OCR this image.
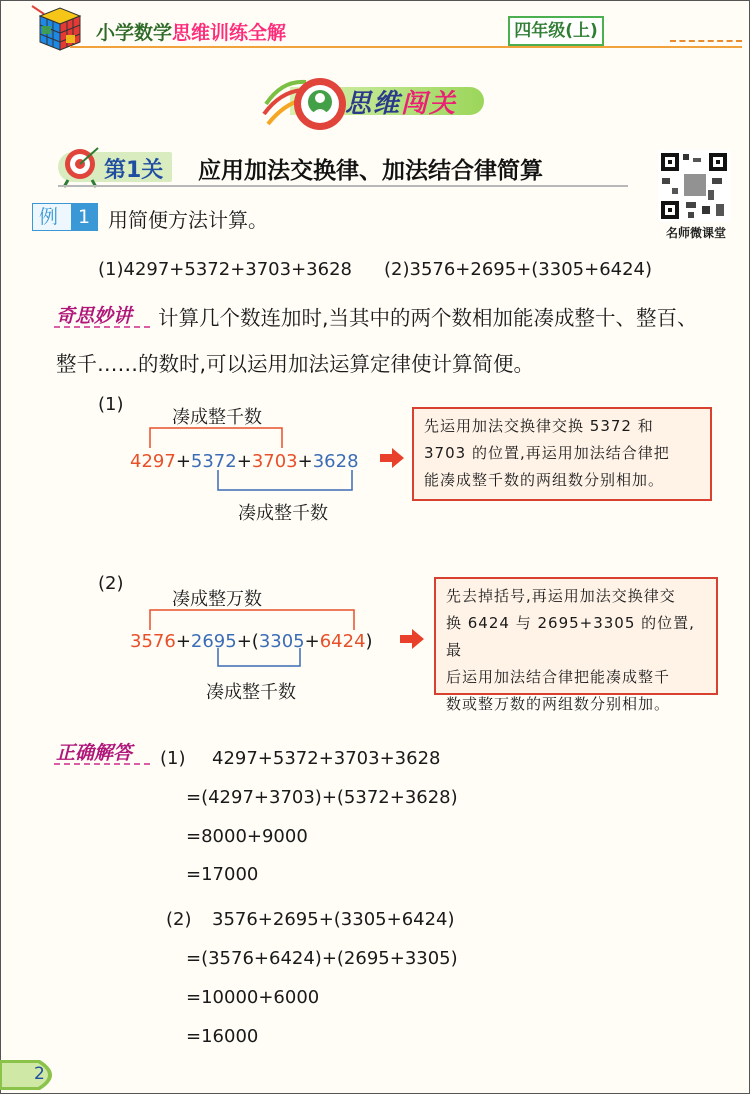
小学数学思维训练全解	四年级(上)
思维闯关
第1关 应用加法交换律、加法结合律简算
名师微课堂
例	1 用简便方法计算。
(1)4297+5372+3703+3628 (2)3576+2695+(3305+6424)
奇思妙讲 计算几个数连加时,当其中的两个数相加能凑成整十、整百、
整千……的数时,可以运用加法运算定律使计算简便。
(1)
凑成整千数
4297+5372+3703+3628
凑成整千数
先运用加法交换律交换 5372 和
3703 的位置,再运用加法结合律把
能凑成整千数的两组数分别相加。
(2)
凑成整万数
3576+2695+(3305+6424)
凑成整千数
先去掉括号,再运用加法交换律交
换 6424 与 2695+3305 的位置,最
后运用加法结合律把能凑成整千
数或整万数的两组数分别相加。
正确解答 (1) 4297+5372+3703+3628
=(4297+3703)+(5372+3628)
=8000+9000
=17000
(2) 3576+2695+(3305+6424)
=(3576+6424)+(2695+3305)
=10000+6000
=16000
2
